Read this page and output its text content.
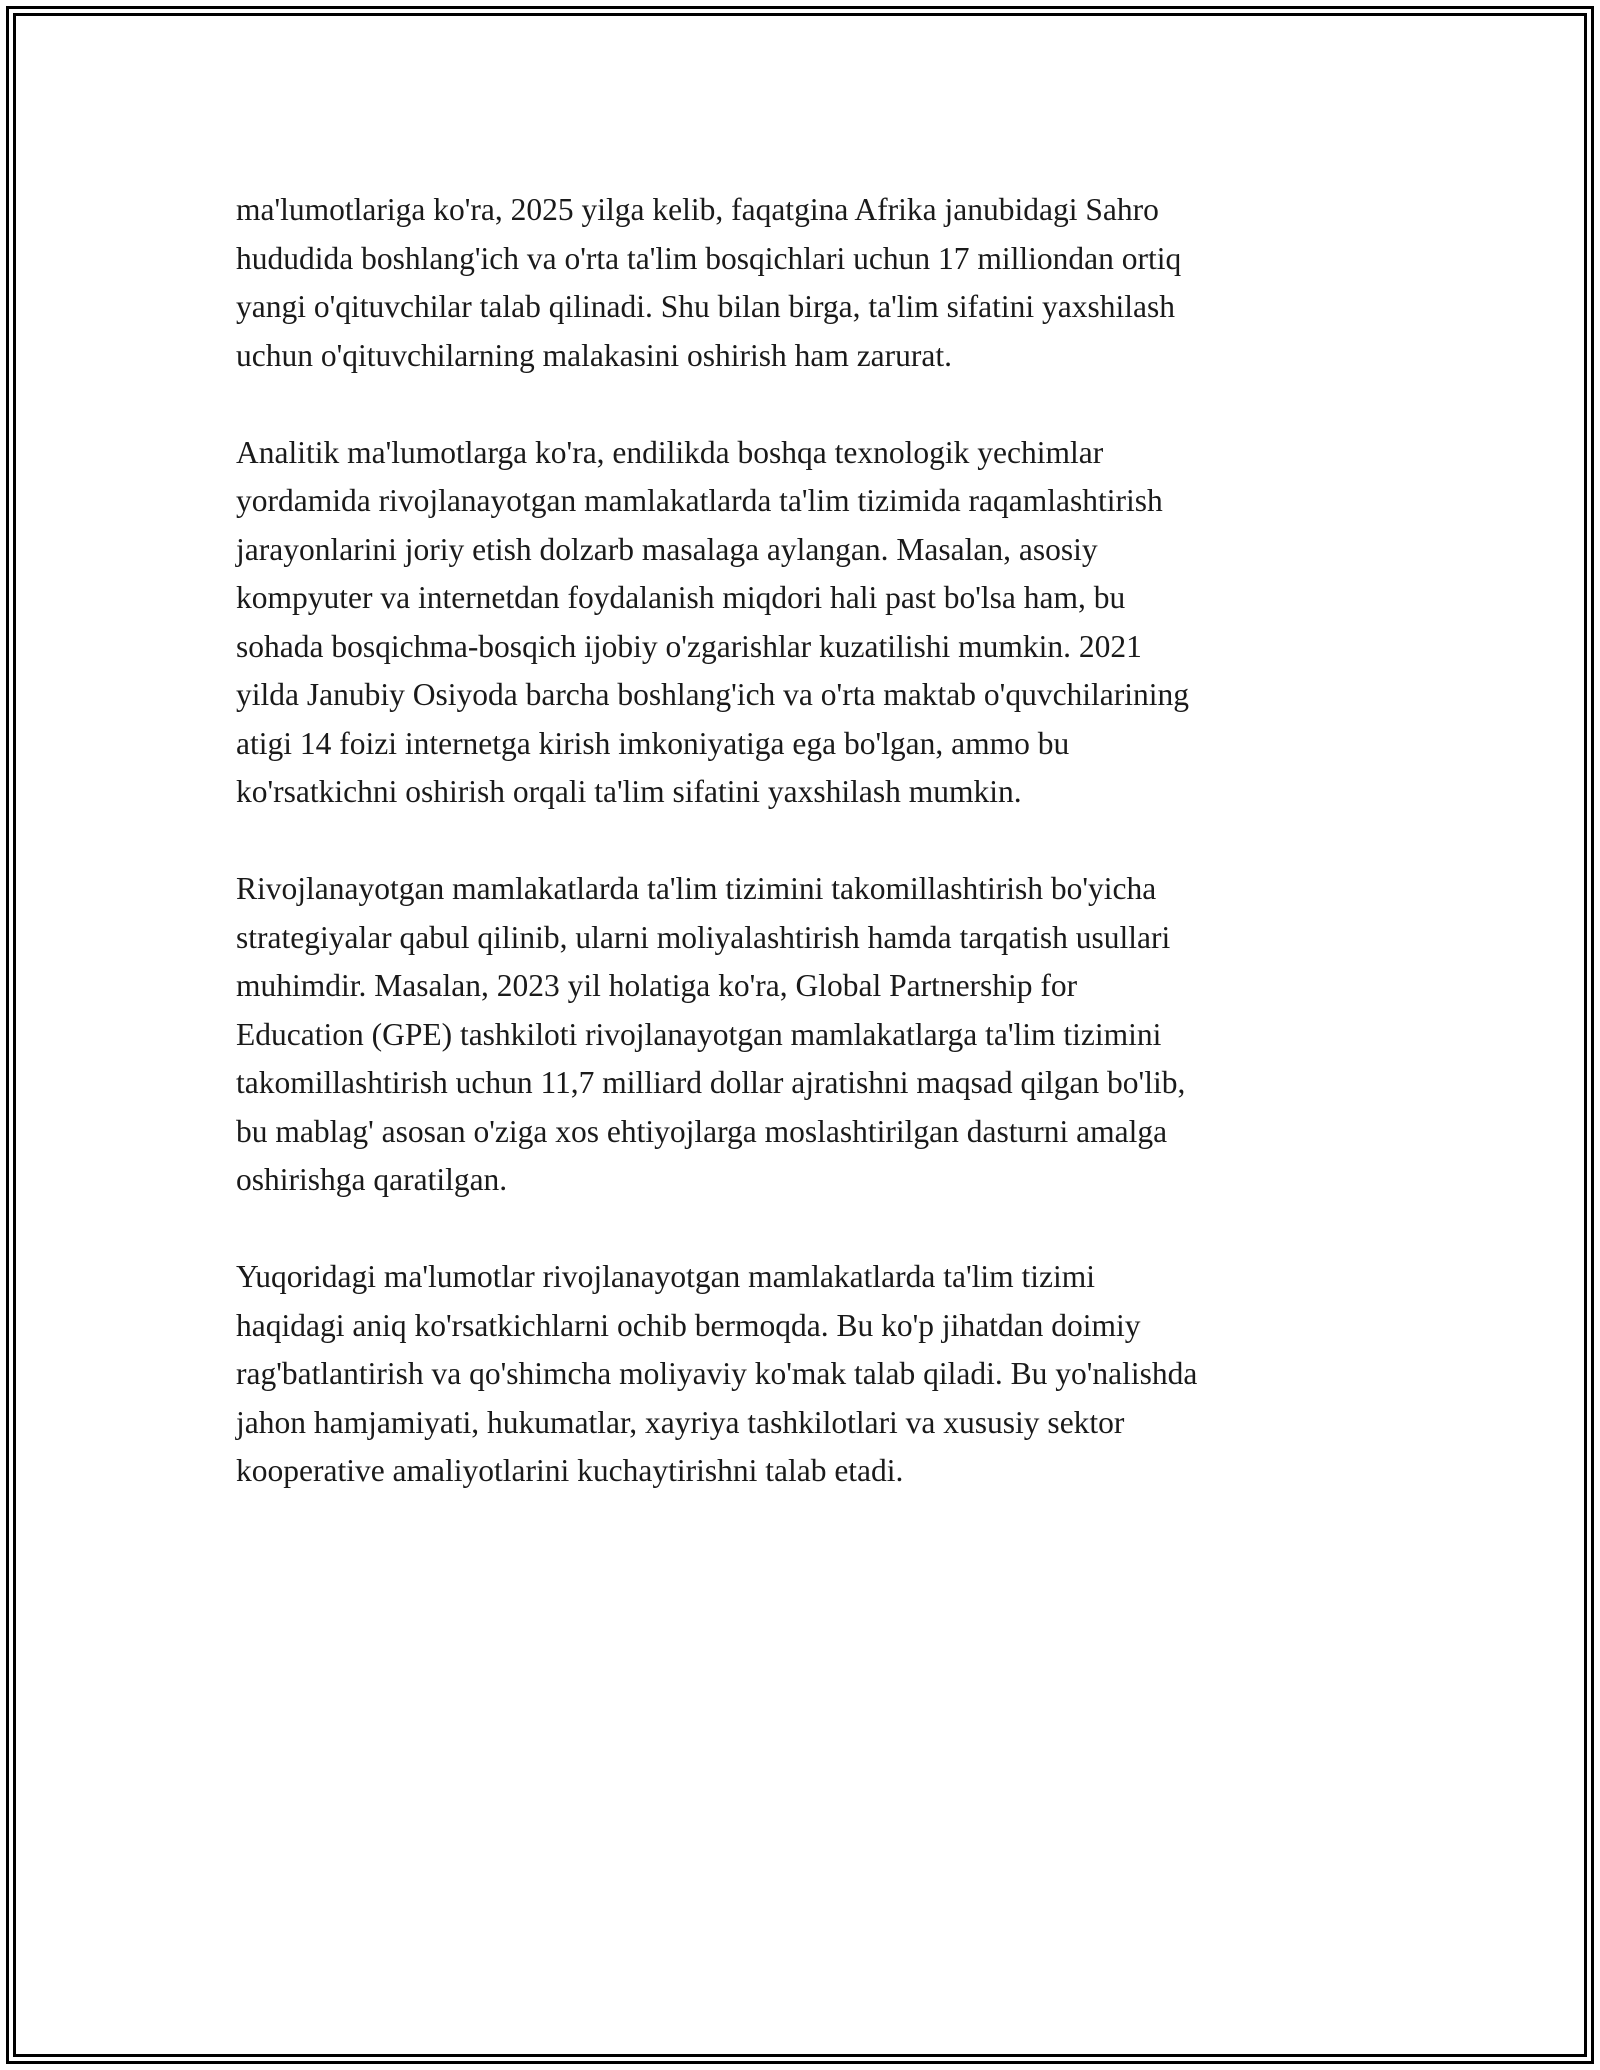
ma'lumotlariga ko'ra, 2025 yilga kelib, faqatgina Afrika janubidagi Sahro
hududida boshlang'ich va o'rta ta'lim bosqichlari uchun 17 milliondan ortiq
yangi o'qituvchilar talab qilinadi. Shu bilan birga, ta'lim sifatini yaxshilash
uchun o'qituvchilarning malakasini oshirish ham zarurat.

Analitik ma'lumotlarga ko'ra, endilikda boshqa texnologik yechimlar
yordamida rivojlanayotgan mamlakatlarda ta'lim tizimida raqamlashtirish
jarayonlarini joriy etish dolzarb masalaga aylangan. Masalan, asosiy
kompyuter va internetdan foydalanish miqdori hali past bo'lsa ham, bu
sohada bosqichma-bosqich ijobiy o'zgarishlar kuzatilishi mumkin. 2021
yilda Janubiy Osiyoda barcha boshlang'ich va o'rta maktab o'quvchilarining
atigi 14 foizi internetga kirish imkoniyatiga ega bo'lgan, ammo bu
ko'rsatkichni oshirish orqali ta'lim sifatini yaxshilash mumkin.

Rivojlanayotgan mamlakatlarda ta'lim tizimini takomillashtirish bo'yicha
strategiyalar qabul qilinib, ularni moliyalashtirish hamda tarqatish usullari
muhimdir. Masalan, 2023 yil holatiga ko'ra, Global Partnership for
Education (GPE) tashkiloti rivojlanayotgan mamlakatlarga ta'lim tizimini
takomillashtirish uchun 11,7 milliard dollar ajratishni maqsad qilgan bo'lib,
bu mablag' asosan o'ziga xos ehtiyojlarga moslashtirilgan dasturni amalga
oshirishga qaratilgan.

Yuqoridagi ma'lumotlar rivojlanayotgan mamlakatlarda ta'lim tizimi
haqidagi aniq ko'rsatkichlarni ochib bermoqda. Bu ko'p jihatdan doimiy
rag'batlantirish va qo'shimcha moliyaviy ko'mak talab qiladi. Bu yo'nalishda
jahon hamjamiyati, hukumatlar, xayriya tashkilotlari va xususiy sektor
kooperative amaliyotlarini kuchaytirishni talab etadi.
